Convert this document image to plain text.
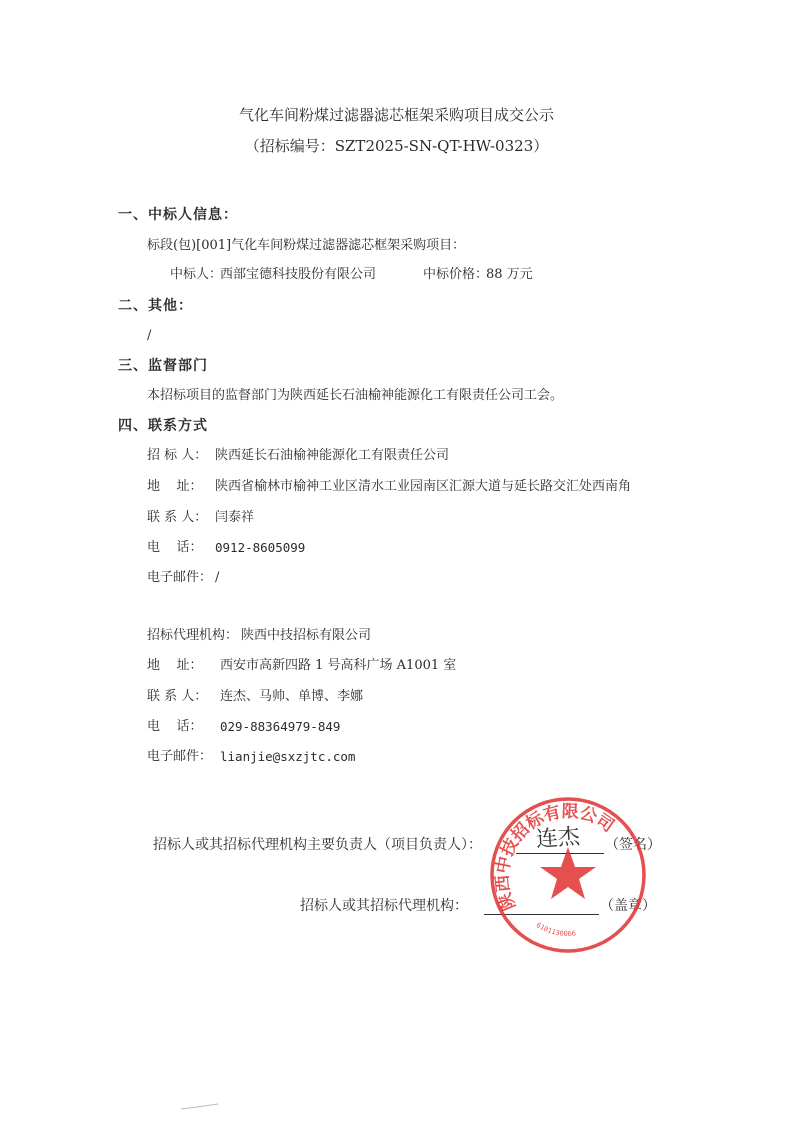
气化车间粉煤过滤器滤芯框架采购项目成交公示
（招标编号：SZT2025-SN-QT-HW-0323）
一、中标人信息：
标段(包)[001]气化车间粉煤过滤器滤芯框架采购项目：
中标人：
西部宝德科技股份有限公司	中标价格：
88 万元
二、其他：
/
三、监督部门
本招标项目的监督部门为陕西延长石油榆神能源化工有限责任公司工会。
四、联系方式
招 标 人： 陕西延长石油榆神能源化工有限责任公司
地    址： 陕西省榆林市榆神工业区清水工业园南区汇源大道与延长路交汇处西南角
联 系 人： 闫泰祥
电    话： 0912-8605099
电子邮件： /
招标代理机构： 陕西中技招标有限公司
地    址： 西安市高新四路 1 号高科广场 A1001 室
联 系 人： 连杰、马帅、单博、李娜
电    话： 029-88364979-849
电子邮件： lianjie@sxzjtc.com
招标人或其招标代理机构主要负责人（项目负责人）： 连杰 （签名）
招标人或其招标代理机构：	（盖章）
陕西中技招标有限公司
6101130066
